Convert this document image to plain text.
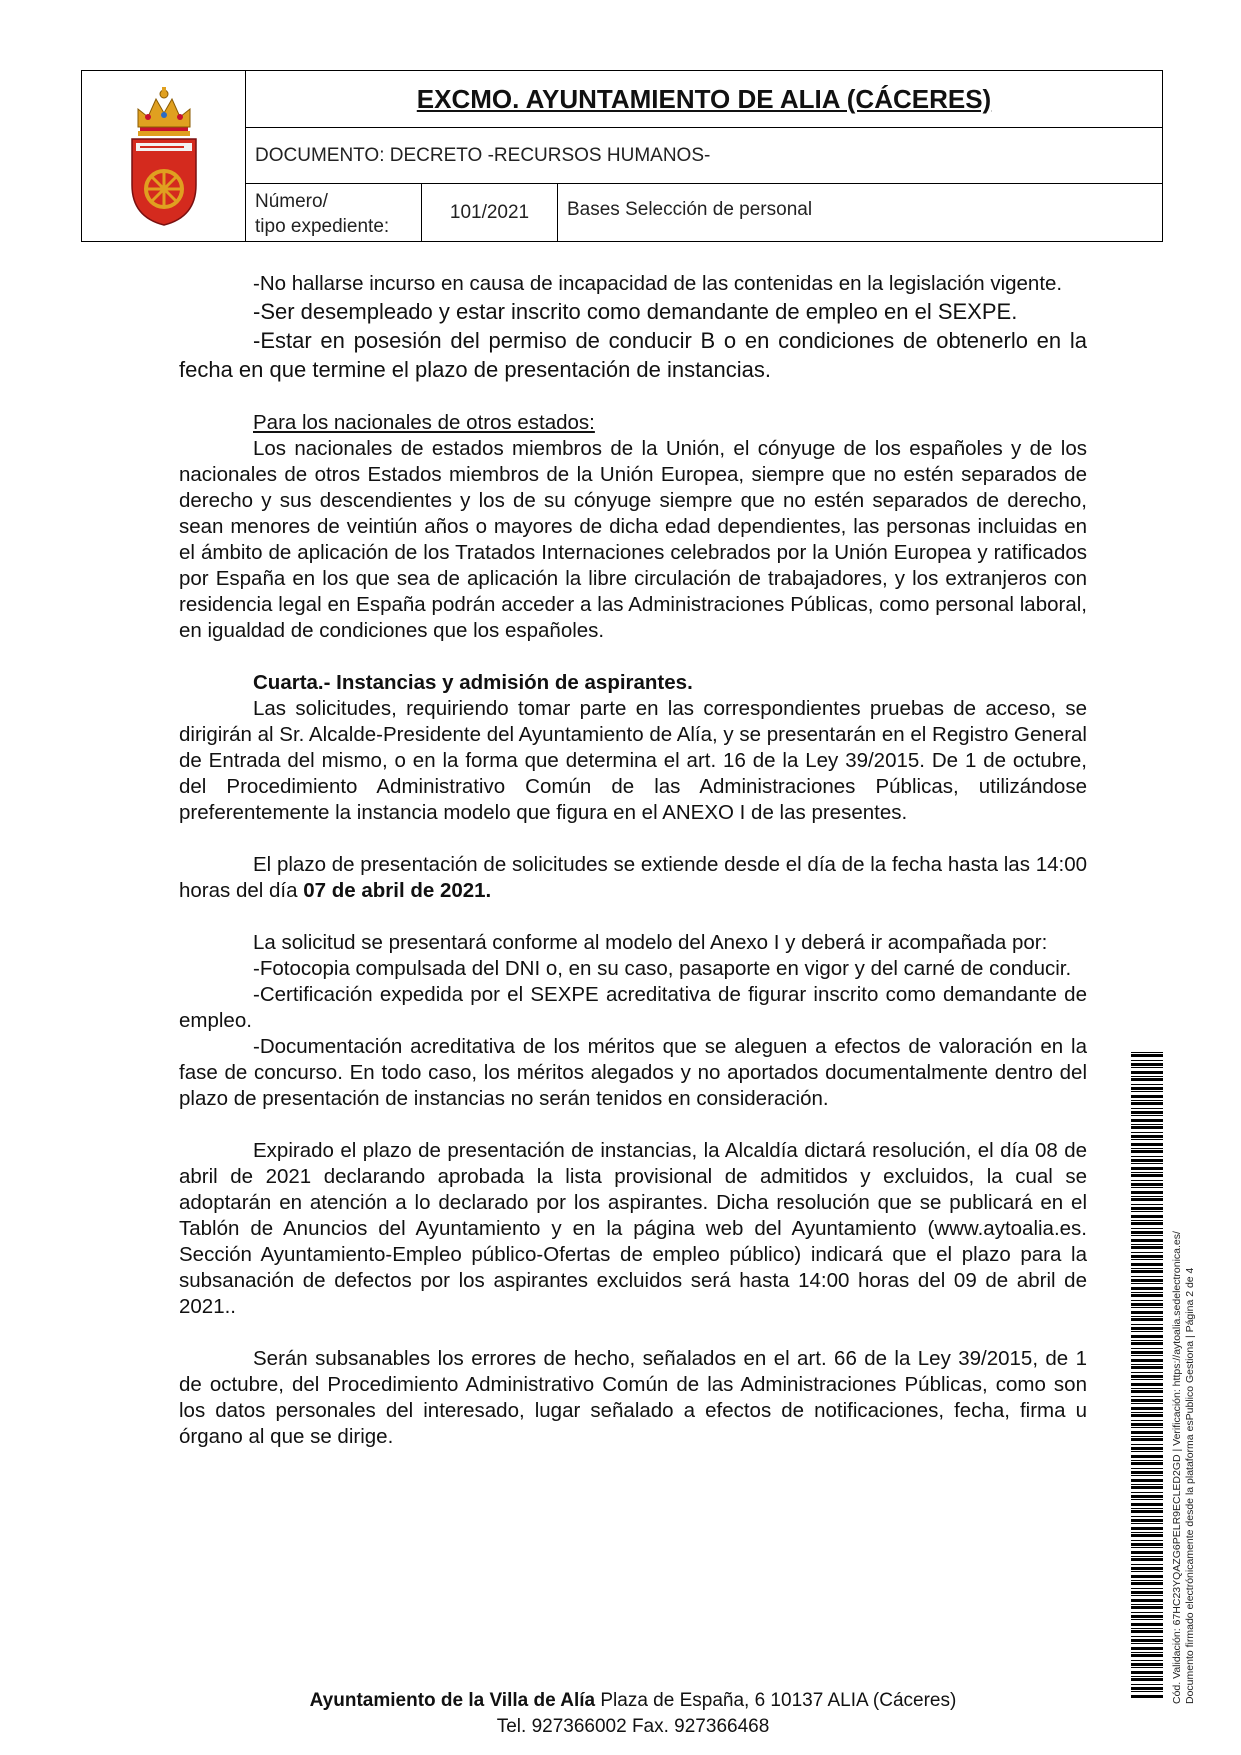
EXCMO. AYUNTAMIENTO DE ALIA (CÁCERES)
DOCUMENTO: DECRETO -RECURSOS HUMANOS-
Número/
tipo expediente:
101/2021	Bases Selección de personal

-No hallarse incurso en causa de incapacidad de las contenidas en la legislación vigente.

-Ser desempleado y estar inscrito como demandante de empleo en el SEXPE.

-Estar en posesión del permiso de conducir B o en condiciones de obtenerlo en la fecha en que termine el plazo de presentación de instancias.

Para los nacionales de otros estados:

Los nacionales de estados miembros de la Unión, el cónyuge de los españoles y de los nacionales de otros Estados miembros de la Unión Europea, siempre que no estén separados de derecho y sus descendientes y los de su cónyuge siempre que no estén separados de derecho, sean menores de veintiún años o mayores de dicha edad dependientes, las personas incluidas en el ámbito de aplicación de los Tratados Internaciones celebrados por la Unión Europea y ratificados por España en los que sea de aplicación la libre circulación de trabajadores, y los extranjeros con residencia legal en España podrán acceder a las Administraciones Públicas, como personal laboral, en igualdad de condiciones que los españoles.

Cuarta.- Instancias y admisión de aspirantes.

Las solicitudes, requiriendo tomar parte en las correspondientes pruebas de acceso, se dirigirán al Sr. Alcalde-Presidente del Ayuntamiento de Alía, y se presentarán en el Registro General de Entrada del mismo, o en la forma que determina el art. 16 de la Ley 39/2015. De 1 de octubre, del Procedimiento Administrativo Común de las Administraciones Públicas, utilizándose preferentemente la instancia modelo que figura en el ANEXO I de las presentes.

El plazo de presentación de solicitudes se extiende desde el día de la fecha hasta las 14:00 horas del día 07 de abril de 2021.

La solicitud se presentará conforme al modelo del Anexo I y deberá ir acompañada por:

-Fotocopia compulsada del DNI o, en su caso, pasaporte en vigor y del carné de conducir.

-Certificación expedida por el SEXPE acreditativa de figurar inscrito como demandante de empleo.

-Documentación acreditativa de los méritos que se aleguen a efectos de valoración en la fase de concurso. En todo caso, los méritos alegados y no aportados documentalmente dentro del plazo de presentación de instancias no serán tenidos en consideración.

Expirado el plazo de presentación de instancias, la Alcaldía dictará resolución, el día 08 de abril de 2021 declarando aprobada la lista provisional de admitidos y excluidos, la cual se adoptarán en atención a lo declarado por los aspirantes. Dicha resolución que se publicará en el Tablón de Anuncios del Ayuntamiento y en la página web del Ayuntamiento (www.aytoalia.es. Sección Ayuntamiento-Empleo público-Ofertas de empleo público) indicará que el plazo para la subsanación de defectos por los aspirantes excluidos será hasta 14:00 horas del 09 de abril de 2021..

Serán subsanables los errores de hecho, señalados en el art. 66 de la Ley 39/2015, de 1 de octubre, del Procedimiento Administrativo Común de las Administraciones Públicas, como son los datos personales del interesado, lugar señalado a efectos de notificaciones, fecha, firma u órgano al que se dirige.

Ayuntamiento de la Villa de Alía Plaza de España, 6 10137 ALIA (Cáceres)
Tel. 927366002 Fax. 927366468
Cód. Validación: 67HC23YQAZG6PELR9ECLED2GD | Verificación: https://aytoalia.sedelectronica.es/ Documento firmado electrónicamente desde la plataforma esPublico Gestiona | Página 2 de 4
